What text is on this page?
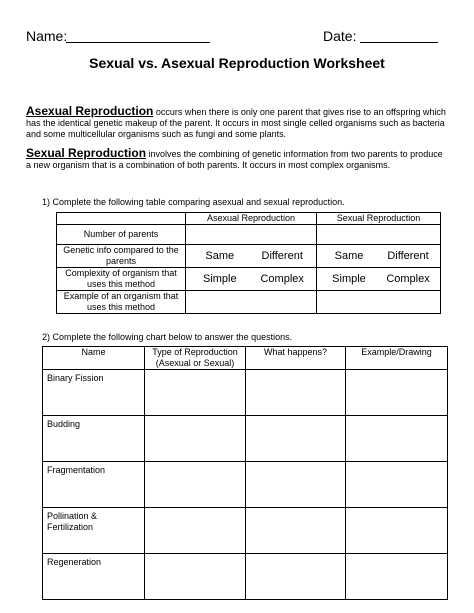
Name:	Date:
Sexual vs. Asexual Reproduction Worksheet
Asexual Reproduction occurs when there is only one parent that gives rise to an offspring which has the identical genetic makeup of the parent. It occurs in most single celled organisms such as bacteria and some multicellular organisms such as fungi and some plants.
Sexual Reproduction involves the combining of genetic information from two parents to produce a new organism that is a combination of both parents. It occurs in most complex organisms.
1) Complete the following table comparing asexual and sexual reproduction.
	Asexual Reproduction	Sexual Reproduction
Number of parents		
Genetic info compared to the parents	Same Different	Same Different
Complexity of organism that uses this method	Simple Complex	Simple Complex
Example of an organism that uses this method		
2) Complete the following chart below to answer the questions.
Name	Type of Reproduction (Asexual or Sexual)	What happens?	Example/Drawing
Binary Fission			
Budding			
Fragmentation			
Pollination & Fertilization			
Regeneration			
